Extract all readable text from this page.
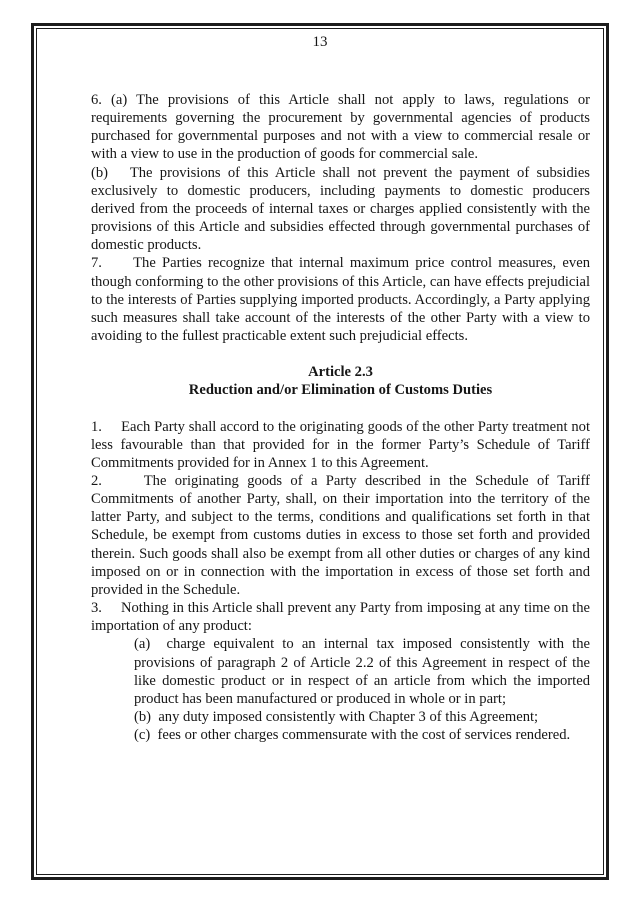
13

6. (a) The provisions of this Article shall not apply to laws, regulations or requirements governing the procurement by governmental agencies of products purchased for governmental purposes and not with a view to commercial resale or with a view to use in the production of goods for commercial sale.

(b)   The provisions of this Article shall not prevent the payment of subsidies exclusively to domestic producers, including payments to domestic producers derived from the proceeds of internal taxes or charges applied consistently with the provisions of this Article and subsidies effected through governmental purchases of domestic products.

7.     The Parties recognize that internal maximum price control measures, even though conforming to the other provisions of this Article, can have effects prejudicial to the interests of Parties supplying imported products. Accordingly, a Party applying such measures shall take account of the interests of the other Party with a view to avoiding to the fullest practicable extent such prejudicial effects.

Article 2.3

Reduction and/or Elimination of Customs Duties

1.     Each Party shall accord to the originating goods of the other Party treatment not less favourable than that provided for in the former Party’s Schedule of Tariff Commitments provided for in Annex 1 to this Agreement.

2.     The originating goods of a Party described in the Schedule of Tariff Commitments of another Party, shall, on their importation into the territory of the latter Party, and subject to the terms, conditions and qualifications set forth in that Schedule, be exempt from customs duties in excess to those set forth and provided therein. Such goods shall also be exempt from all other duties or charges of any kind imposed on or in connection with the importation in excess of those set forth and provided in the Schedule.

3.     Nothing in this Article shall prevent any Party from imposing at any time on the importation of any product:

(a)  charge equivalent to an internal tax imposed consistently with the provisions of paragraph 2 of Article 2.2 of this Agreement in respect of the like domestic product or in respect of an article from which the imported product has been manufactured or produced in whole or in part;

(b)  any duty imposed consistently with Chapter 3 of this Agreement;

(c)  fees or other charges commensurate with the cost of services rendered.
